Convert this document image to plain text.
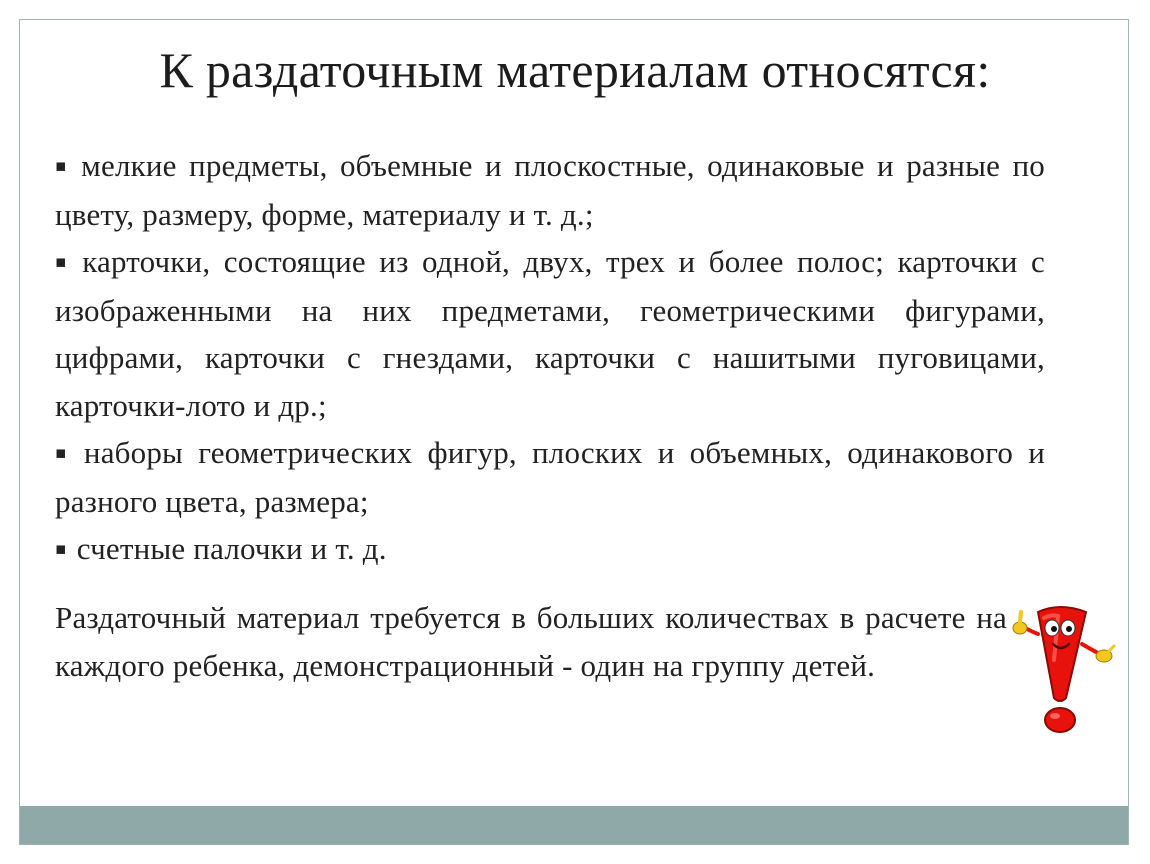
К раздаточным материалам относятся:

▪ мелкие предметы, объемные и плоскостные, одинаковые и разные по цвету, размеру, форме, материалу и т. д.;

▪ карточки, состоящие из одной, двух, трех и более полос; карточки с изображенными на них предметами, геометрическими фигурами, цифрами, карточки с гнездами, карточки с нашитыми пуговицами, карточки-лото и др.;

▪ наборы геометрических фигур, плоских и объемных, одинакового и разного цвета, размера;

▪ счетные палочки и т. д.

Раздаточный материал требуется в больших количествах в расчете на каждого ребенка, демонстрационный - один на группу детей.
